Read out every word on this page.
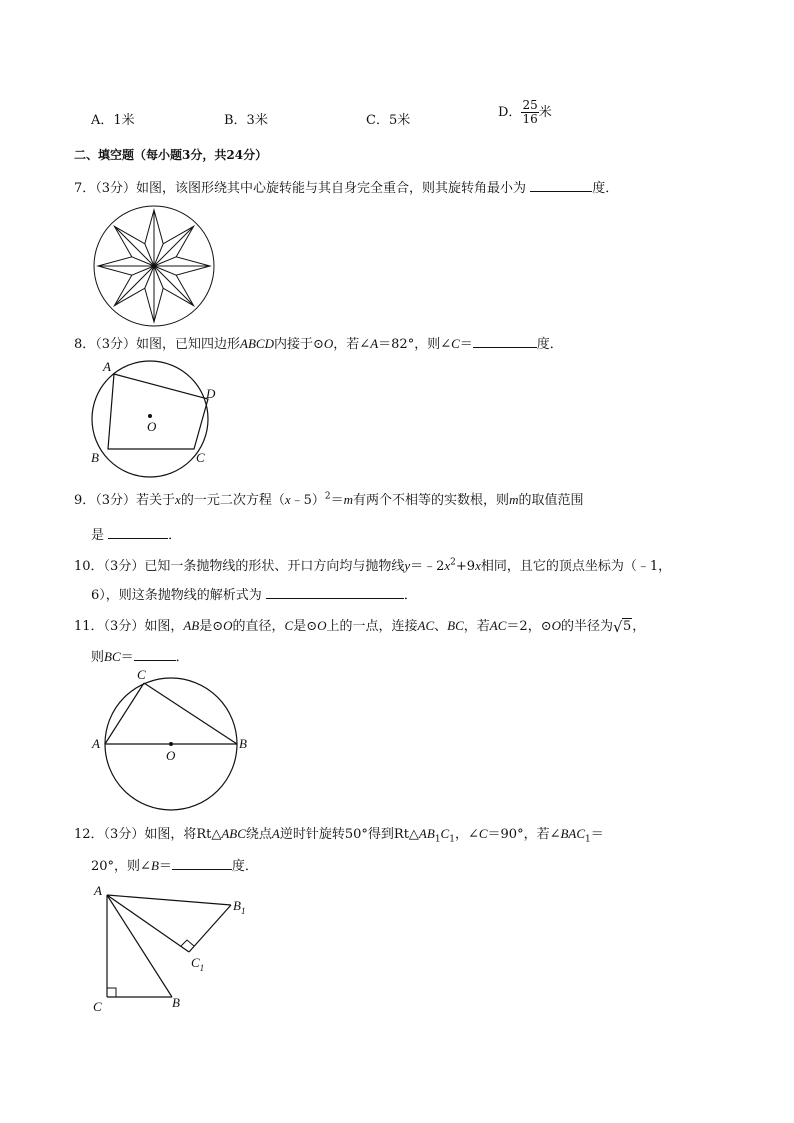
A．1米	B．3米	C．5米
D． $\frac{25}{16}$ 米
二、填空题（每小题3分，共24分）
7．（3分）如图，该图形绕其中心旋转能与其自身完全重合，则其旋转角最小为	度．
8．（3分）如图，已知四边形ABCD内接于⊙O，若∠A＝82°，则∠C＝	度．
A
D
O
B	C
9．（3分）若关于x的一元二次方程（x﹣5）$^2$＝m有两个不相等的实数根，则m的取值范围
是	．
10．（3分）已知一条抛物线的形状、开口方向均与抛物线$y=﹣2x^2+9x$相同，且它的顶点坐标为（﹣1，
6），则这条抛物线的解析式为	．
11．（3分）如图，AB是⊙O的直径，C是⊙O上的一点，连接AC、BC，若AC＝2，⊙O的半径为 √ 5，
则BC＝	．
C
A	B
O
12．（3分）如图，将Rt△ABC绕点A逆时针旋转50°得到$Rt\triangle AB_1C_1$，∠C＝90°，若$\angle BAC_1=$
20°，则∠B＝	度．
A
$B_1$
$C_1$
C	B
